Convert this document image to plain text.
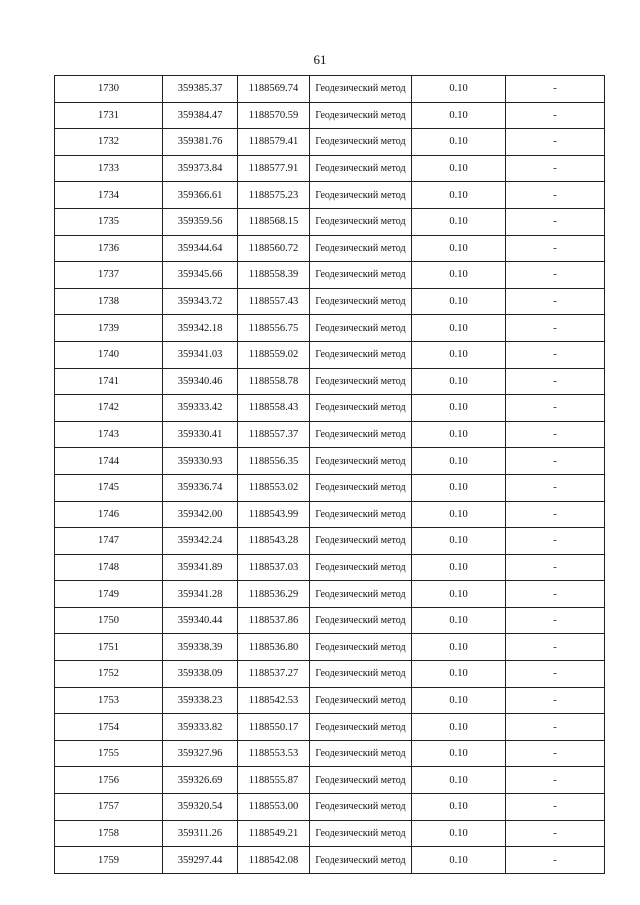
61
1730	359385.37	1188569.74	Геодезический метод	0.10	-
1731	359384.47	1188570.59	Геодезический метод	0.10	-
1732	359381.76	1188579.41	Геодезический метод	0.10	-
1733	359373.84	1188577.91	Геодезический метод	0.10	-
1734	359366.61	1188575.23	Геодезический метод	0.10	-
1735	359359.56	1188568.15	Геодезический метод	0.10	-
1736	359344.64	1188560.72	Геодезический метод	0.10	-
1737	359345.66	1188558.39	Геодезический метод	0.10	-
1738	359343.72	1188557.43	Геодезический метод	0.10	-
1739	359342.18	1188556.75	Геодезический метод	0.10	-
1740	359341.03	1188559.02	Геодезический метод	0.10	-
1741	359340.46	1188558.78	Геодезический метод	0.10	-
1742	359333.42	1188558.43	Геодезический метод	0.10	-
1743	359330.41	1188557.37	Геодезический метод	0.10	-
1744	359330.93	1188556.35	Геодезический метод	0.10	-
1745	359336.74	1188553.02	Геодезический метод	0.10	-
1746	359342.00	1188543.99	Геодезический метод	0.10	-
1747	359342.24	1188543.28	Геодезический метод	0.10	-
1748	359341.89	1188537.03	Геодезический метод	0.10	-
1749	359341.28	1188536.29	Геодезический метод	0.10	-
1750	359340.44	1188537.86	Геодезический метод	0.10	-
1751	359338.39	1188536.80	Геодезический метод	0.10	-
1752	359338.09	1188537.27	Геодезический метод	0.10	-
1753	359338.23	1188542.53	Геодезический метод	0.10	-
1754	359333.82	1188550.17	Геодезический метод	0.10	-
1755	359327.96	1188553.53	Геодезический метод	0.10	-
1756	359326.69	1188555.87	Геодезический метод	0.10	-
1757	359320.54	1188553.00	Геодезический метод	0.10	-
1758	359311.26	1188549.21	Геодезический метод	0.10	-
1759	359297.44	1188542.08	Геодезический метод	0.10	-
